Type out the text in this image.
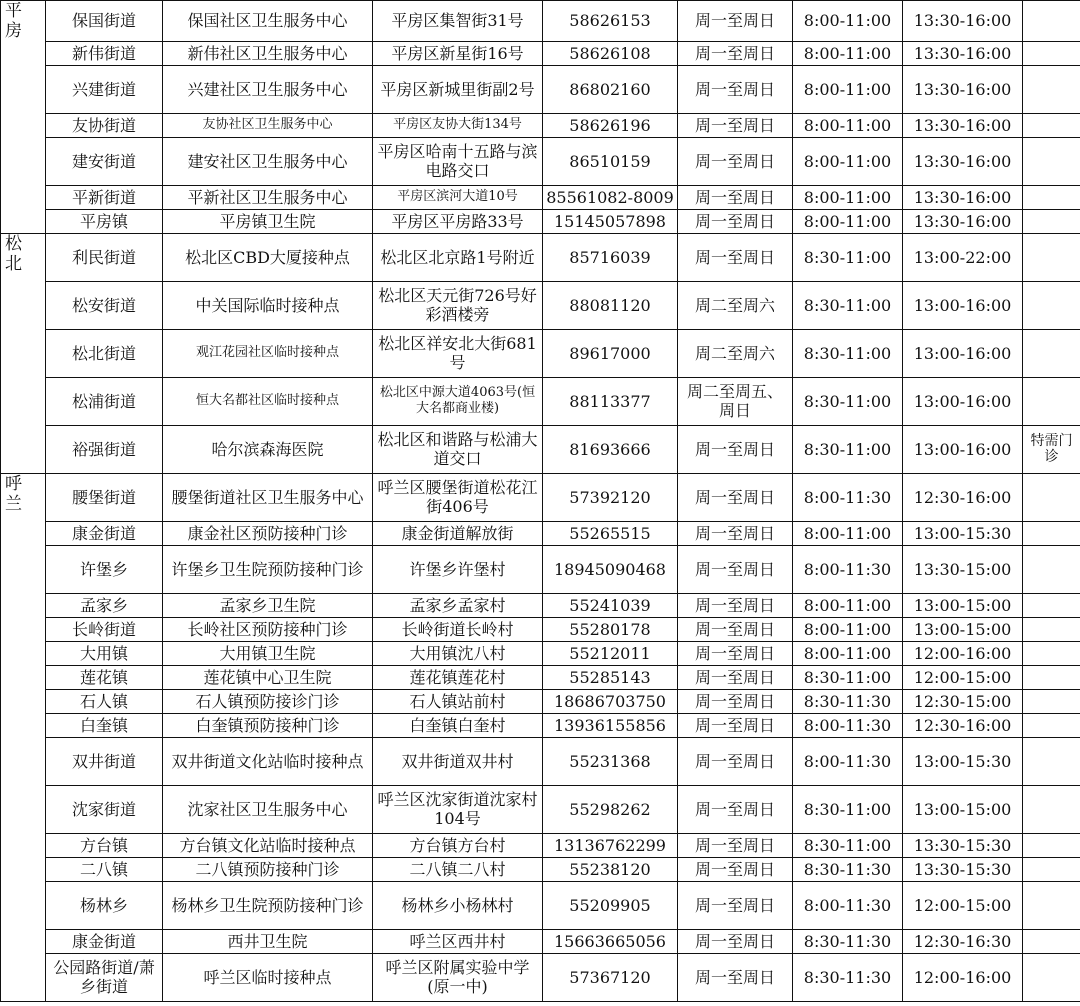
平
房	保国街道	保国社区卫生服务中心	平房区集智街31号	58626153	周一至周日	8:00-11:00	13:30-16:00	
	新伟街道	新伟社区卫生服务中心	平房区新星街16号	58626108	周一至周日	8:00-11:00	13:30-16:00	
	兴建街道	兴建社区卫生服务中心	平房区新城里街副2号	86802160	周一至周日	8:00-11:00	13:30-16:00	
	友协街道	友协社区卫生服务中心	平房区友协大街134号	58626196	周一至周日	8:00-11:00	13:30-16:00	
	建安街道	建安社区卫生服务中心	平房区哈南十五路与滨电路交口	86510159	周一至周日	8:00-11:00	13:30-16:00	
	平新街道	平新社区卫生服务中心	平房区滨河大道10号	85561082-8009	周一至周日	8:00-11:00	13:30-16:00	
	平房镇	平房镇卫生院	平房区平房路33号	15145057898	周一至周日	8:00-11:00	13:30-16:00	
松
北	利民街道	松北区CBD大厦接种点	松北区北京路1号附近	85716039	周一至周日	8:30-11:00	13:00-22:00	
	松安街道	中关国际临时接种点	松北区天元街726号好彩酒楼旁	88081120	周二至周六	8:30-11:00	13:00-16:00	
	松北街道	观江花园社区临时接种点	松北区祥安北大街681号	89617000	周二至周六	8:30-11:00	13:00-16:00	
	松浦街道	恒大名都社区临时接种点	松北区中源大道4063号(恒大名都商业楼)	88113377	周二至周五、周日	8:30-11:00	13:00-16:00	
	裕强街道	哈尔滨森海医院	松北区和谐路与松浦大道交口	81693666	周一至周日	8:30-11:00	13:00-16:00	特需门诊
呼
兰	腰堡街道	腰堡街道社区卫生服务中心	呼兰区腰堡街道松花江街406号	57392120	周一至周日	8:00-11:30	12:30-16:00	
	康金街道	康金社区预防接种门诊	康金街道解放街	55265515	周一至周日	8:00-11:00	13:00-15:30	
	许堡乡	许堡乡卫生院预防接种门诊	许堡乡许堡村	18945090468	周一至周日	8:00-11:30	13:30-15:00	
	孟家乡	孟家乡卫生院	孟家乡孟家村	55241039	周一至周日	8:00-11:00	13:00-15:00	
	长岭街道	长岭社区预防接种门诊	长岭街道长岭村	55280178	周一至周日	8:00-11:00	13:00-15:00	
	大用镇	大用镇卫生院	大用镇沈八村	55212011	周一至周日	8:00-11:00	12:00-16:00	
	莲花镇	莲花镇中心卫生院	莲花镇莲花村	55285143	周一至周日	8:30-11:00	12:00-15:00	
	石人镇	石人镇预防接诊门诊	石人镇站前村	18686703750	周一至周日	8:30-11:30	12:30-15:00	
	白奎镇	白奎镇预防接种门诊	白奎镇白奎村	13936155856	周一至周日	8:00-11:30	12:30-16:00	
	双井街道	双井街道文化站临时接种点	双井街道双井村	55231368	周一至周日	8:00-11:30	13:00-15:30	
	沈家街道	沈家社区卫生服务中心	呼兰区沈家街道沈家村104号	55298262	周一至周日	8:30-11:00	13:00-15:00	
	方台镇	方台镇文化站临时接种点	方台镇方台村	13136762299	周一至周日	8:30-11:00	13:30-15:30	
	二八镇	二八镇预防接种门诊	二八镇二八村	55238120	周一至周日	8:30-11:30	13:30-15:30	
	杨林乡	杨林乡卫生院预防接种门诊	杨林乡小杨林村	55209905	周一至周日	8:00-11:30	12:00-15:00	
	康金街道	西井卫生院	呼兰区西井村	15663665056	周一至周日	8:30-11:30	12:30-16:30	
	公园路街道/萧乡街道	呼兰区临时接种点	呼兰区附属实验中学(原一中)	57367120	周一至周日	8:30-11:30	12:00-16:00	
